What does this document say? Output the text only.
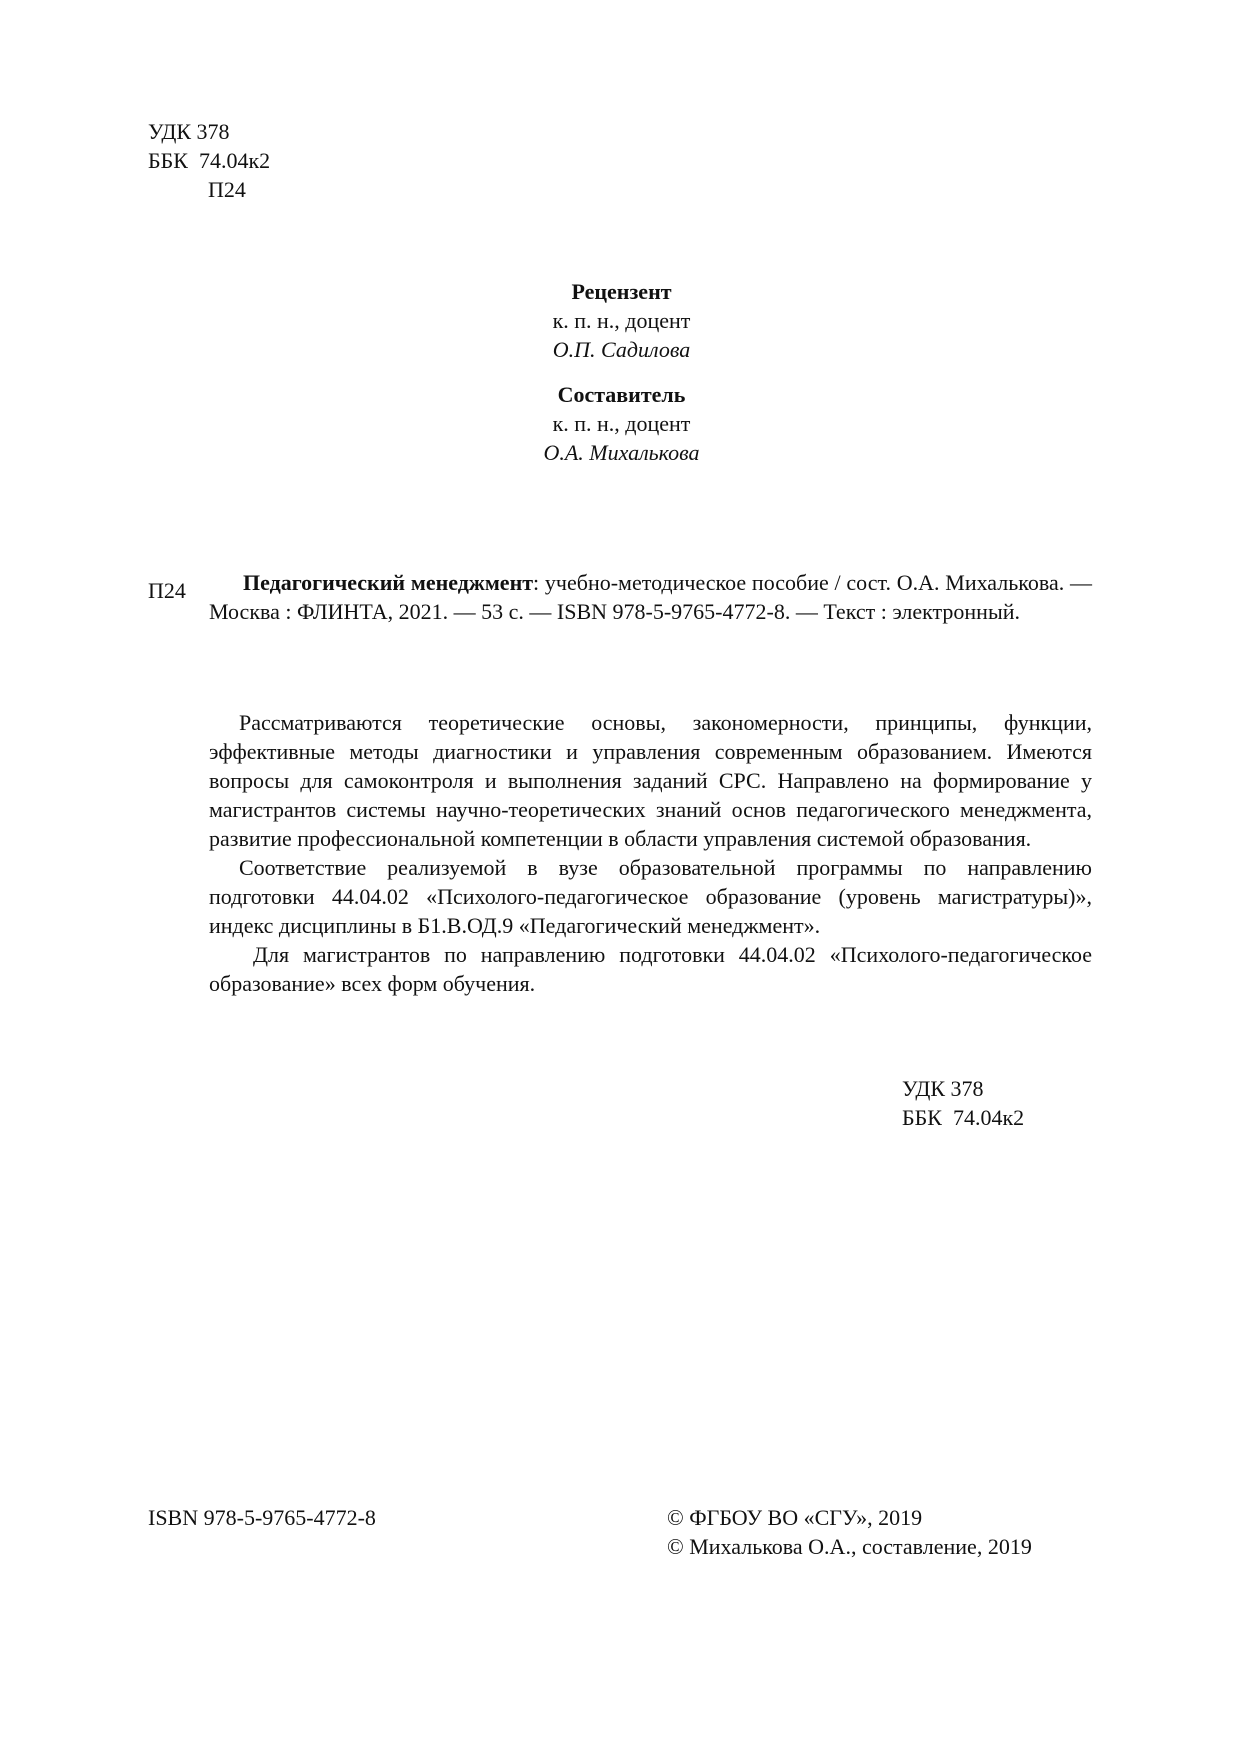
УДК 378
ББК  74.04к2
П24
Рецензент
к. п. н., доцент
О.П. Садилова
Составитель
к. п. н., доцент
О.А. Михалькова
П24	Педагогический менеджмент: учебно-методическое пособие / сост. О.А. Михалькова. — Москва : ФЛИНТА, 2021. — 53 с. — ISBN 978-5-9765-4772-8. — Текст : электронный.

Рассматриваются теоретические основы, закономерности, принципы, функции, эффективные методы диагностики и управления современным образованием. Имеются вопросы для самоконтроля и выполнения заданий СРС. Направлено на формирование у магистрантов системы научно-теоретических знаний основ педагогического менеджмента, развитие профессиональной компетенции в области управления системой образования.

Соответствие реализуемой в вузе образовательной программы по направлению подготовки 44.04.02 «Психолого-педагогическое образование (уровень магистратуры)», индекс дисциплины в Б1.В.ОД.9 «Педагогический менеджмент».

Для магистрантов по направлению подготовки 44.04.02 «Психолого-педагогическое образование» всех форм обучения.

УДК 378
ББК  74.04к2
ISBN 978-5-9765-4772-8	© ФГБОУ ВО «СГУ», 2019
© Михалькова О.А., составление, 2019
